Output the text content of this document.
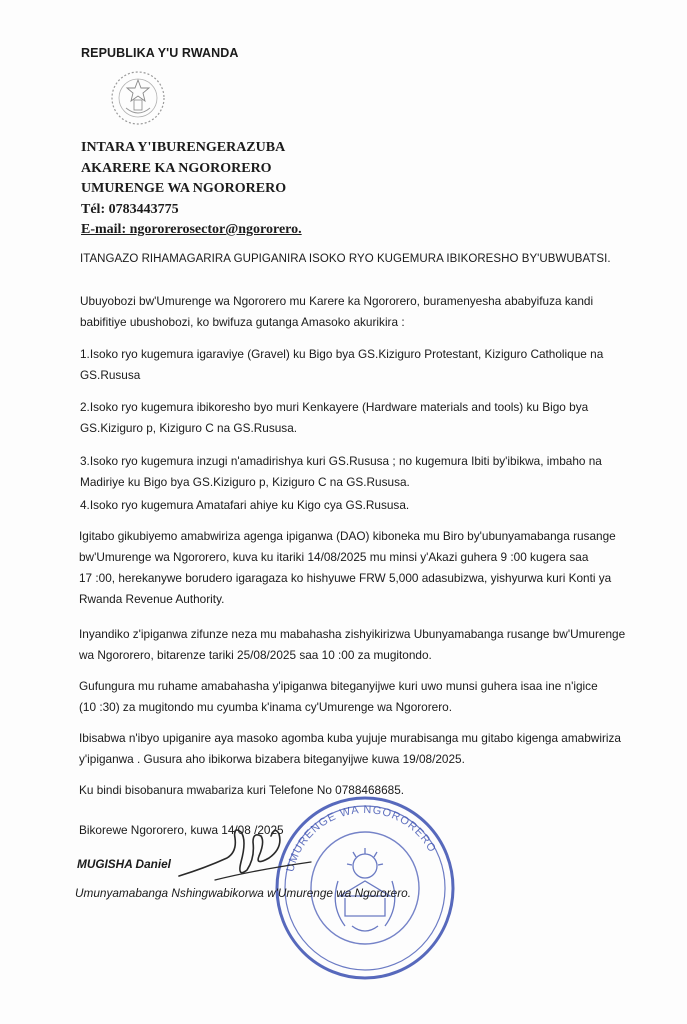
REPUBLIKA Y'U RWANDA
INTARA Y'IBURENGERAZUBA
AKARERE KA NGORORERO
UMURENGE WA NGORORERO
Tél: 0783443775
E-mail: ngororerosector@ngororero.
ITANGAZO RIHAMAGARIRA GUPIGANIRA ISOKO RYO KUGEMURA IBIKORESHO BY'UBWUBATSI.
Ubuyobozi bw'Umurenge wa Ngororero mu Karere ka Ngororero, buramenyesha ababyifuza kandi
babifitiye ubushobozi, ko bwifuza gutanga Amasoko akurikira :
1.Isoko ryo kugemura igaraviye (Gravel) ku Bigo bya GS.Kiziguro Protestant, Kiziguro Catholique na
GS.Rususa
2.Isoko ryo kugemura ibikoresho byo muri Kenkayere (Hardware materials and tools) ku Bigo bya
GS.Kiziguro p, Kiziguro C na GS.Rususa.
3.Isoko ryo kugemura inzugi n'amadirishya kuri GS.Rususa ; no kugemura Ibiti by'ibikwa, imbaho na
Madiriye ku Bigo bya GS.Kiziguro p, Kiziguro C na GS.Rususa.
4.Isoko ryo kugemura Amatafari ahiye ku Kigo cya GS.Rususa.
Igitabo gikubiyemo amabwiriza agenga ipiganwa (DAO) kiboneka mu Biro by'ubunyamabanga rusange
bw'Umurenge wa Ngororero, kuva ku itariki 14/08/2025 mu minsi y'Akazi guhera 9 :00 kugera saa
17 :00, herekanywe borudero igaragaza ko hishyuwe FRW 5,000 adasubizwa, yishyurwa kuri Konti ya
Rwanda Revenue Authority.
Inyandiko z'ipiganwa zifunze neza mu mabahasha zishyikirizwa Ubunyamabanga rusange bw'Umurenge
wa Ngororero, bitarenze tariki 25/08/2025 saa 10 :00 za mugitondo.
Gufungura mu ruhame amabahasha y'ipiganwa biteganyijwe kuri uwo munsi guhera isaa ine n'igice
(10 :30) za mugitondo mu cyumba k'inama cy'Umurenge wa Ngororero.
Ibisabwa n'ibyo upiganire aya masoko agomba kuba yujuje murabisanga mu gitabo kigenga amabwiriza
y'ipiganwa . Gusura aho ibikorwa bizabera biteganyijwe kuwa 19/08/2025.
Ku bindi bisobanura mwabariza kuri Telefone No 0788468685.
Bikorewe Ngororero, kuwa 14/08 /2025
UMURENGE WA NGORORERO
MUGISHA Daniel
Umunyamabanga Nshingwabikorwa w'Umurenge wa Ngororero.
